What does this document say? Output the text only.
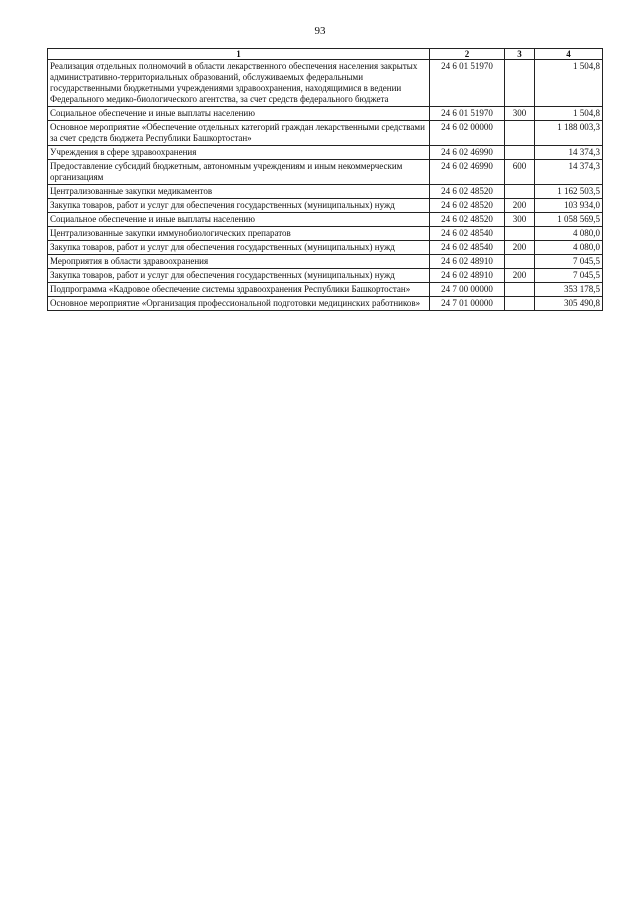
93
1	2	3	4
Реализация отдельных полномочий в области лекарственного обеспечения населения закрытых административно-территориальных образований, обслуживаемых федеральными государственными бюджетными учреждениями здравоохранения, находящимися в ведении Федерального медико-биологического агентства, за счет средств федерального бюджета	24 6 01 51970		1 504,8
Социальное обеспечение и иные выплаты населению	24 6 01 51970	300	1 504,8
Основное мероприятие «Обеспечение отдельных категорий граждан лекарственными средствами за счет средств бюджета Республики Башкортостан»	24 6 02 00000		1 188 003,3
Учреждения в сфере здравоохранения	24 6 02 46990		14 374,3
Предоставление субсидий бюджетным, автономным учреждениям и иным некоммерческим организациям	24 6 02 46990	600	14 374,3
Централизованные закупки медикаментов	24 6 02 48520		1 162 503,5
Закупка товаров, работ и услуг для обеспечения государственных (муниципальных) нужд	24 6 02 48520	200	103 934,0
Социальное обеспечение и иные выплаты населению	24 6 02 48520	300	1 058 569,5
Централизованные закупки иммунобиологических препаратов	24 6 02 48540		4 080,0
Закупка товаров, работ и услуг для обеспечения государственных (муниципальных) нужд	24 6 02 48540	200	4 080,0
Мероприятия в области здравоохранения	24 6 02 48910		7 045,5
Закупка товаров, работ и услуг для обеспечения государственных (муниципальных) нужд	24 6 02 48910	200	7 045,5
Подпрограмма «Кадровое обеспечение системы здравоохранения Республики Башкортостан»	24 7 00 00000		353 178,5
Основное мероприятие «Организация профессиональной подготовки медицинских работников»	24 7 01 00000		305 490,8
